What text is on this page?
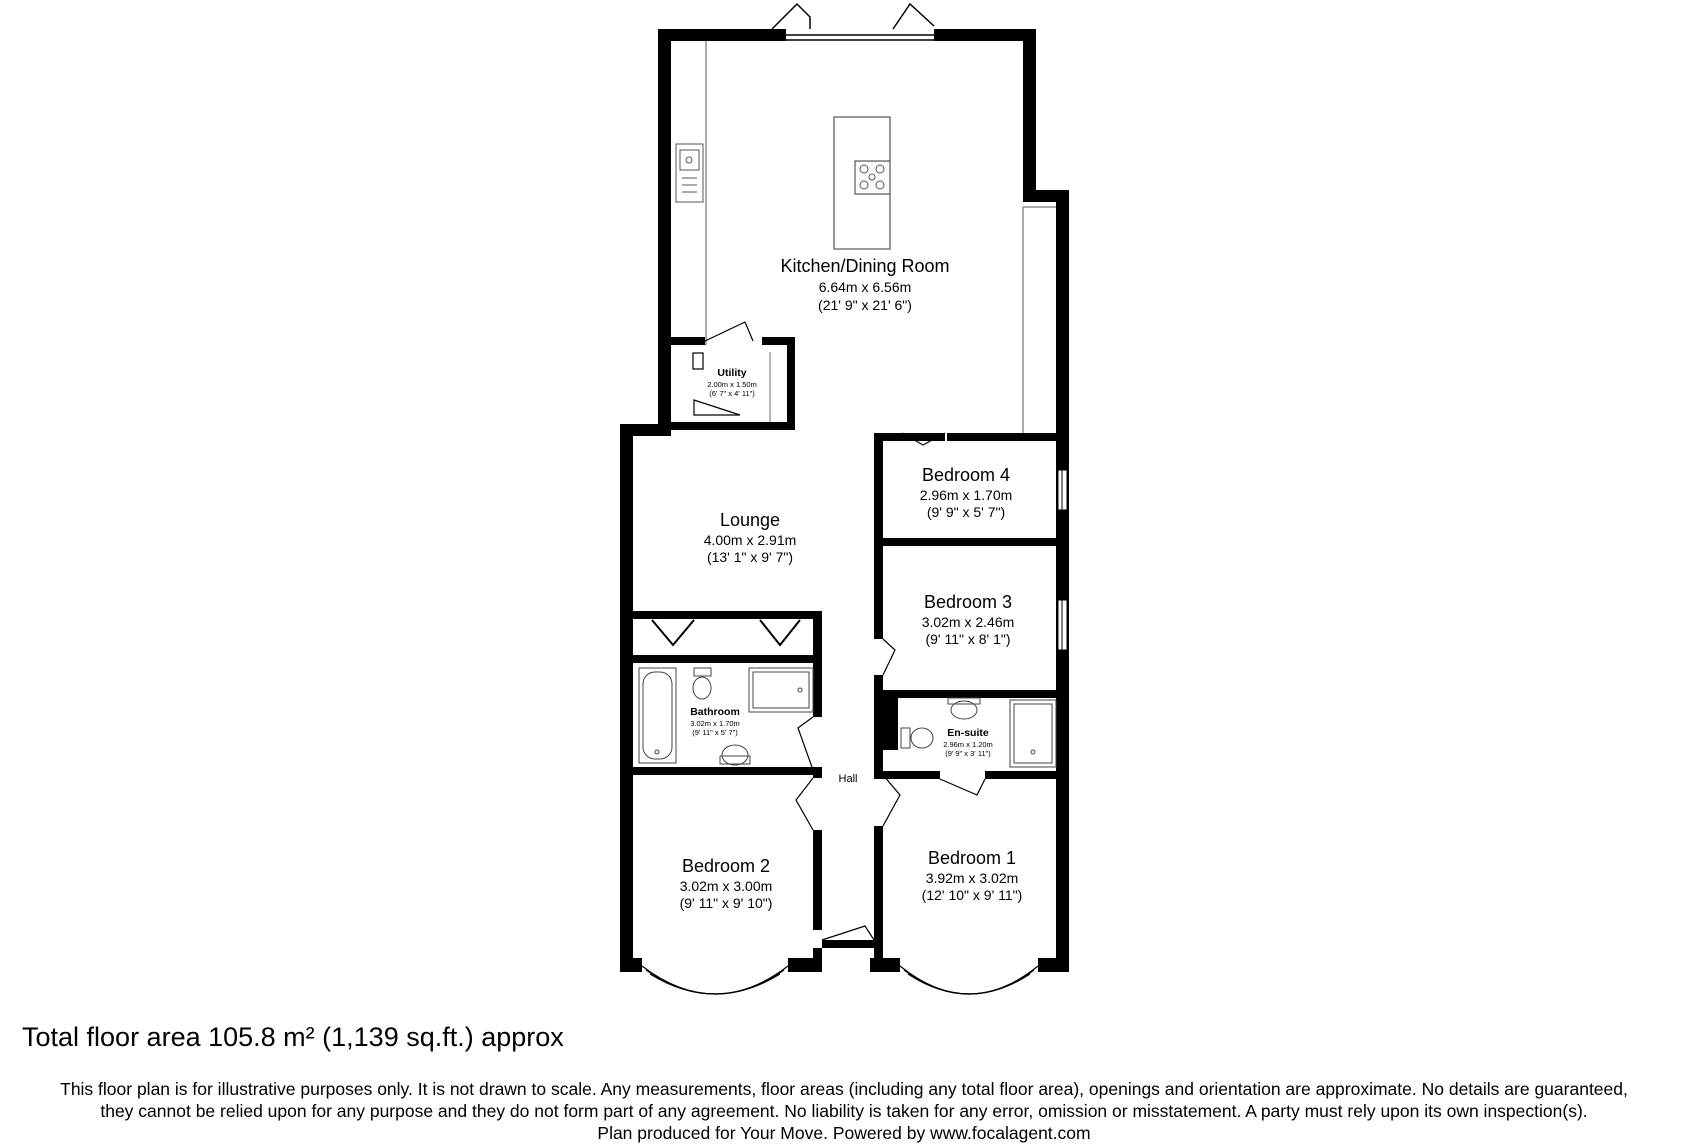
Kitchen/Dining Room
6.64m x 6.56m
(21' 9" x 21' 6")
Utility
2.00m x 1.50m
(6' 7" x 4' 11")
Lounge
4.00m x 2.91m
(13' 1" x 9' 7")
Bedroom 4
2.96m x 1.70m
(9' 9" x 5' 7")
Bedroom 3
3.02m x 2.46m
(9' 11" x 8' 1")
Bathroom
3.02m x 1.70m
(9' 11" x 5' 7")	En-suite
2.96m x 1.20m
(9' 9" x 3' 11")
Hall
Bedroom 2
3.02m x 3.00m
(9' 11" x 9' 10")
Bedroom 1
3.92m x 3.02m
(12' 10" x 9' 11")
Total floor area 105.8 m² (1,139 sq.ft.) approx
This floor plan is for illustrative purposes only. It is not drawn to scale. Any measurements, floor areas (including any total floor area), openings and orientation are approximate. No details are guaranteed,
they cannot be relied upon for any purpose and they do not form part of any agreement. No liability is taken for any error, omission or misstatement. A party must rely upon its own inspection(s).
Plan produced for Your Move. Powered by www.focalagent.com
